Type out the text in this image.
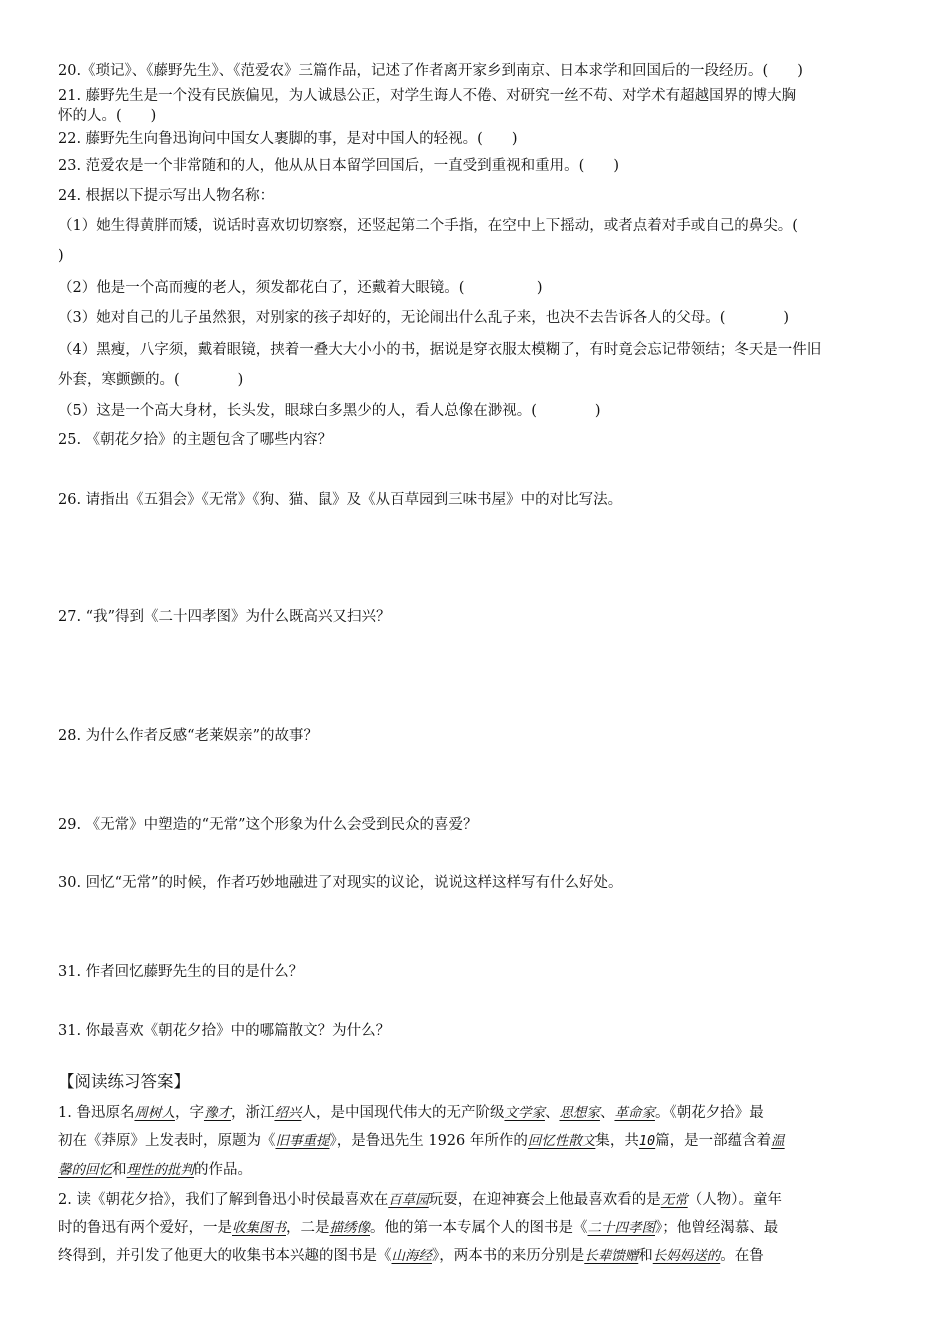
20.《琐记》、《藤野先生》、《范爱农》三篇作品，记述了作者离开家乡到南京、日本求学和回国后的一段经历。(　　)
21. 藤野先生是一个没有民族偏见，为人诚恳公正，对学生诲人不倦、对研究一丝不苟、对学术有超越国界的博大胸
怀的人。(　　)
22. 藤野先生向鲁迅询问中国女人裹脚的事，是对中国人的轻视。(　　)
23. 范爱农是一个非常随和的人，他从从日本留学回国后，一直受到重视和重用。(　　)
24. 根据以下提示写出人物名称：
（1）她生得黄胖而矮，说话时喜欢切切察察，还竖起第二个手指，在空中上下摇动，或者点着对手或自己的鼻尖。(
)
（2）他是一个高而瘦的老人，须发都花白了，还戴着大眼镜。(　　　　　)
（3）她对自己的儿子虽然狠，对别家的孩子却好的，无论闹出什么乱子来，也决不去告诉各人的父母。(　　　　)
（4）黑瘦，八字须，戴着眼镜，挟着一叠大大小小的书，据说是穿衣服太模糊了，有时竟会忘记带领结；冬天是一件旧
外套，寒颤颤的。(　　　　)
（5）这是一个高大身材，长头发，眼球白多黑少的人，看人总像在渺视。(　　　　)
25. 《朝花夕拾》的主题包含了哪些内容？
26. 请指出《五猖会》《无常》《狗、猫、鼠》及《从百草园到三味书屋》中的对比写法。
27. “我”得到《二十四孝图》为什么既高兴又扫兴？
28. 为什么作者反感“老莱娱亲”的故事？
29. 《无常》中塑造的“无常”这个形象为什么会受到民众的喜爱？
30. 回忆“无常”的时候，作者巧妙地融进了对现实的议论，说说这样这样写有什么好处。
31. 作者回忆藤野先生的目的是什么？
31. 你最喜欢《朝花夕拾》中的哪篇散文？为什么？
【阅读练习答案】
1. 鲁迅原名周树人，字豫才，浙江绍兴人，是中国现代伟大的无产阶级文学家、思想家、革命家。《朝花夕拾》最
初在《莽原》上发表时，原题为《旧事重提》，是鲁迅先生 1926 年所作的回忆性散文集，共10篇，是一部蕴含着温
馨的回忆和理性的批判的作品。
2. 读《朝花夕拾》，我们了解到鲁迅小时侯最喜欢在百草园玩耍，在迎神赛会上他最喜欢看的是无常（人物）。童年
时的鲁迅有两个爱好，一是收集图书，二是描绣像。他的第一本专属个人的图书是《二十四孝图》；他曾经渴慕、最
终得到，并引发了他更大的收集书本兴趣的图书是《山海经》，两本书的来历分别是长辈馈赠和长妈妈送的。在鲁
